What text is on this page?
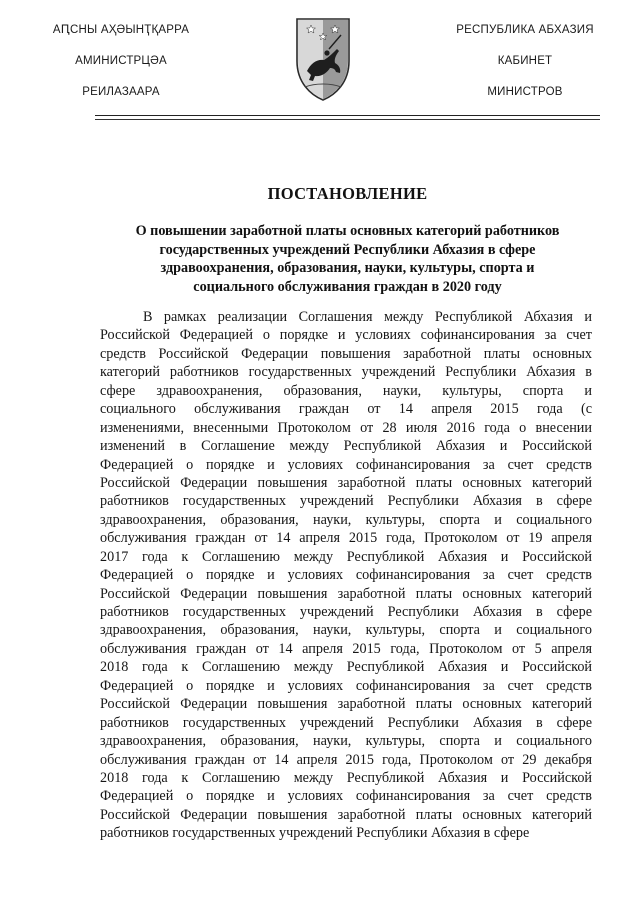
АԤСНЫ АҲӘЫНҬҚАРРА
АМИНИСТРЦӘА
РЕИЛАЗААРА
РЕСПУБЛИКА АБХАЗИЯ
КАБИНЕТ
МИНИСТРОВ
ПОСТАНОВЛЕНИЕ
О повышении заработной платы основных категорий работников
государственных учреждений Республики Абхазия в сфере
здравоохранения, образования, науки, культуры, спорта и
социального обслуживания граждан в 2020 году
В рамках реализации Соглашения между Республикой Абхазия и
Российской Федерацией о порядке и условиях софинансирования за счет
средств Российской Федерации повышения заработной платы основных
категорий работников государственных учреждений Республики Абхазия в
сфере здравоохранения, образования, науки, культуры, спорта и
социального обслуживания граждан от 14 апреля 2015 года (с
изменениями, внесенными Протоколом от 28 июля 2016 года о внесении
изменений в Соглашение между Республикой Абхазия и Российской
Федерацией о порядке и условиях софинансирования за счет средств
Российской Федерации повышения заработной платы основных категорий
работников государственных учреждений Республики Абхазия в сфере
здравоохранения, образования, науки, культуры, спорта и социального
обслуживания граждан от 14 апреля 2015 года, Протоколом от 19 апреля
2017 года к Соглашению между Республикой Абхазия и Российской
Федерацией о порядке и условиях софинансирования за счет средств
Российской Федерации повышения заработной платы основных категорий
работников государственных учреждений Республики Абхазия в сфере
здравоохранения, образования, науки, культуры, спорта и социального
обслуживания граждан от 14 апреля 2015 года, Протоколом от 5 апреля
2018 года к Соглашению между Республикой Абхазия и Российской
Федерацией о порядке и условиях софинансирования за счет средств
Российской Федерации повышения заработной платы основных категорий
работников государственных учреждений Республики Абхазия в сфере
здравоохранения, образования, науки, культуры, спорта и социального
обслуживания граждан от 14 апреля 2015 года, Протоколом от 29 декабря
2018 года к Соглашению между Республикой Абхазия и Российской
Федерацией о порядке и условиях софинансирования за счет средств
Российской Федерации повышения заработной платы основных категорий
работников государственных учреждений Республики Абхазия в сфере
